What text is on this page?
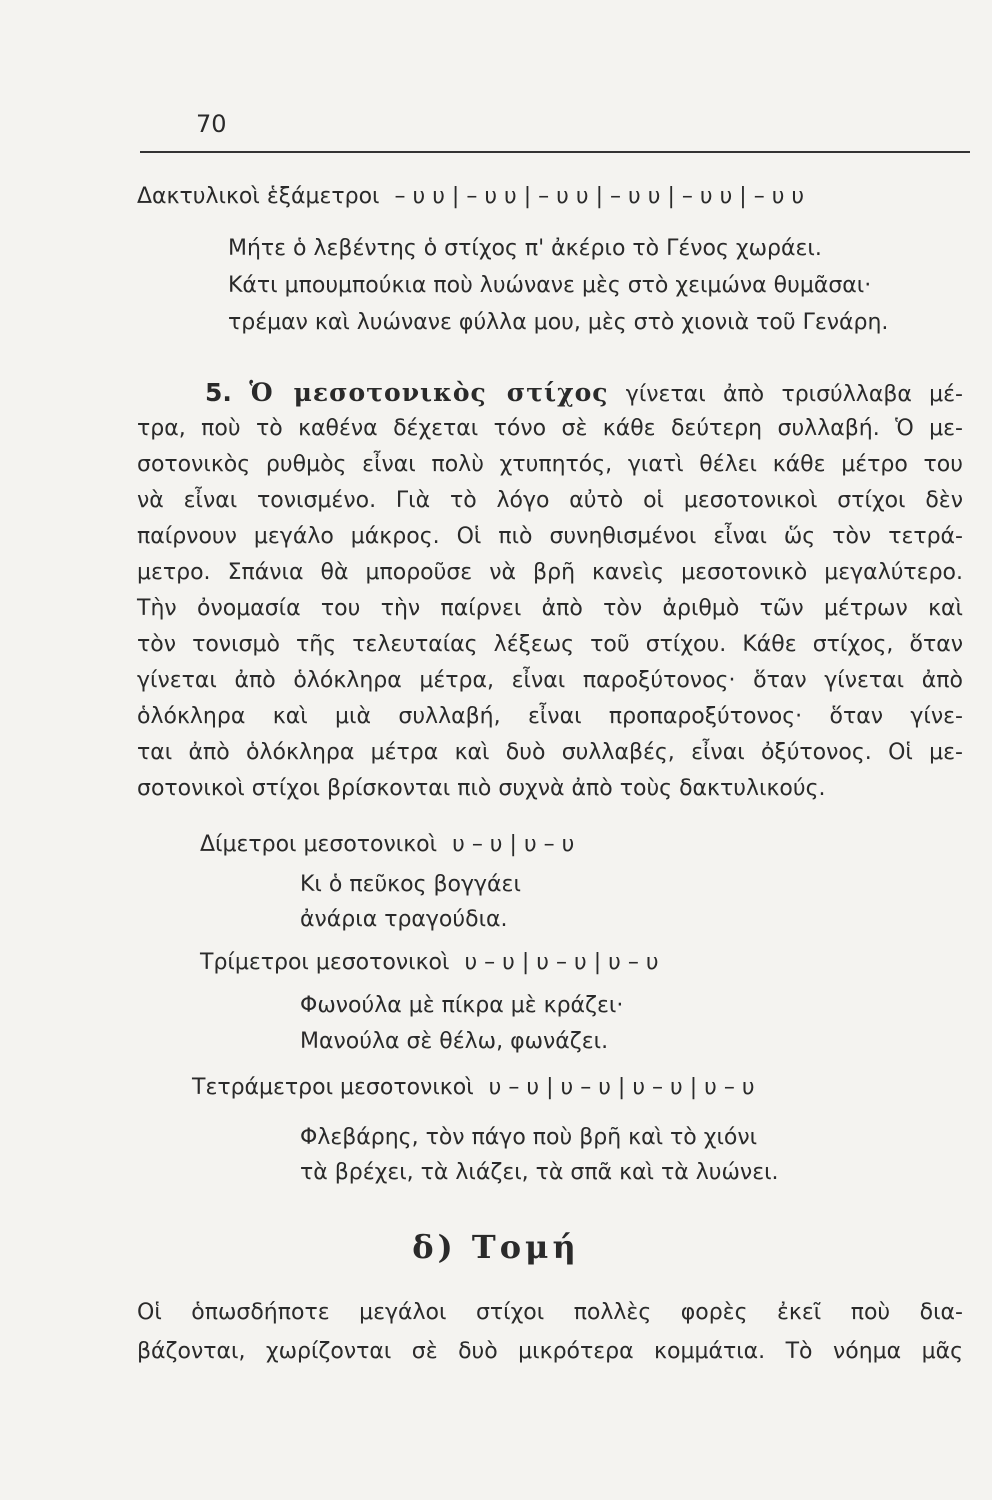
70
Δακτυλικοὶ ἑξάμετροι – υ υ | – υ υ | – υ υ | – υ υ | – υ υ | – υ υ
Μήτε ὁ λεβέντης ὁ στίχος π' ἀκέριο τὸ Γένος χωράει.
Κάτι μπουμπούκια ποὺ λυώνανε μὲς στὸ χειμώνα θυμᾶσαι·
τρέμαν καὶ λυώνανε φύλλα μου, μὲς στὸ χιονιὰ τοῦ Γενάρη.
5. Ὁ μεσοτονικὸς στίχος γίνεται ἀπὸ τρισύλλαβα μέ-
τρα, ποὺ τὸ καθένα δέχεται τόνο σὲ κάθε δεύτερη συλλαβή. Ὁ με-
σοτονικὸς ρυθμὸς εἶναι πολὺ χτυπητός, γιατὶ θέλει κάθε μέτρο του
νὰ εἶναι τονισμένο. Γιὰ τὸ λόγο αὐτὸ οἱ μεσοτονικοὶ στίχοι δὲν
παίρνουν μεγάλο μάκρος. Οἱ πιὸ συνηθισμένοι εἶναι ὥς τὸν τετρά-
μετρο. Σπάνια θὰ μποροῦσε νὰ βρῆ κανεὶς μεσοτονικὸ μεγαλύτερο.
Τὴν ὀνομασία του τὴν παίρνει ἀπὸ τὸν ἀριθμὸ τῶν μέτρων καὶ
τὸν τονισμὸ τῆς τελευταίας λέξεως τοῦ στίχου. Κάθε στίχος, ὅταν
γίνεται ἀπὸ ὁλόκληρα μέτρα, εἶναι παροξύτονος· ὅταν γίνεται ἀπὸ
ὁλόκληρα καὶ μιὰ συλλαβή, εἶναι προπαροξύτονος· ὅταν γίνε-
ται ἀπὸ ὁλόκληρα μέτρα καὶ δυὸ συλλαβές, εἶναι ὀξύτονος. Οἱ με-
σοτονικοὶ στίχοι βρίσκονται πιὸ συχνὰ ἀπὸ τοὺς δακτυλικούς.
Δίμετροι μεσοτονικοὶ υ – υ | υ – υ
Κι ὁ πεῦκος βογγάει
ἀνάρια τραγούδια.
Τρίμετροι μεσοτονικοὶ υ – υ | υ – υ | υ – υ
Φωνούλα μὲ πίκρα μὲ κράζει·
Μανούλα σὲ θέλω, φωνάζει.
Τετράμετροι μεσοτονικοὶ υ – υ | υ – υ | υ – υ | υ – υ
Φλεβάρης, τὸν πάγο ποὺ βρῆ καὶ τὸ χιόνι
τὰ βρέχει, τὰ λιάζει, τὰ σπᾶ καὶ τὰ λυώνει.
δ) Τομή
Οἱ ὁπωσδήποτε μεγάλοι στίχοι πολλὲς φορὲς ἐκεῖ ποὺ δια-
βάζονται, χωρίζονται σὲ δυὸ μικρότερα κομμάτια. Τὸ νόημα μᾶς
